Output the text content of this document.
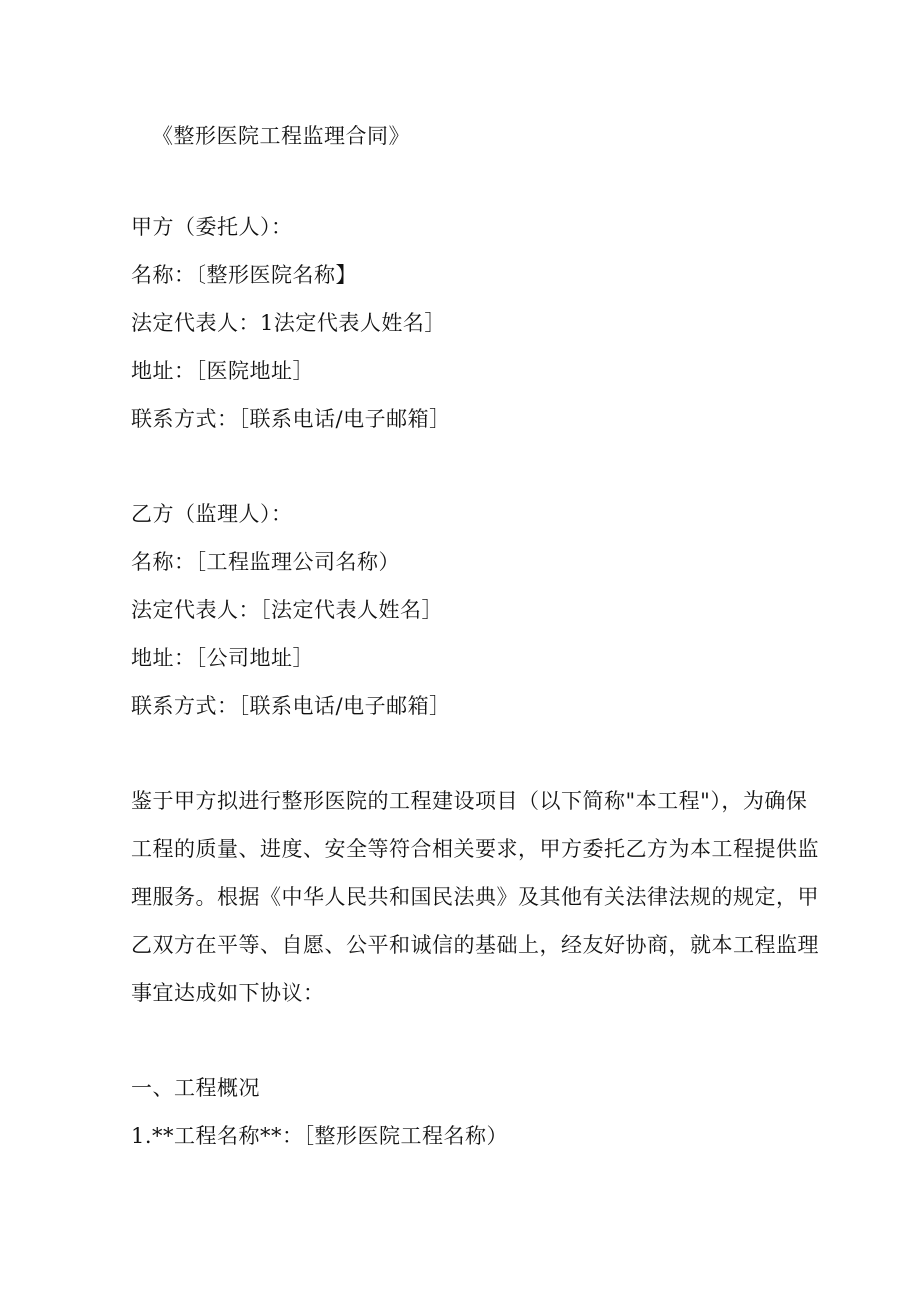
《整形医院工程监理合同》
甲方（委托人）：
名称：〔整形医院名称】
法定代表人：1法定代表人姓名］
地址：［医院地址］
联系方式：［联系电话/电子邮箱］
乙方（监理人）：
名称：［工程监理公司名称）
法定代表人：［法定代表人姓名］
地址：［公司地址］
联系方式：［联系电话/电子邮箱］
鉴于甲方拟进行整形医院的工程建设项目（以下简称"本工程"），为确保
工程的质量、进度、安全等符合相关要求，甲方委托乙方为本工程提供监
理服务。根据《中华人民共和国民法典》及其他有关法律法规的规定，甲
乙双方在平等、自愿、公平和诚信的基础上，经友好协商，就本工程监理
事宜达成如下协议：
一、工程概况
1.**工程名称**：［整形医院工程名称）
